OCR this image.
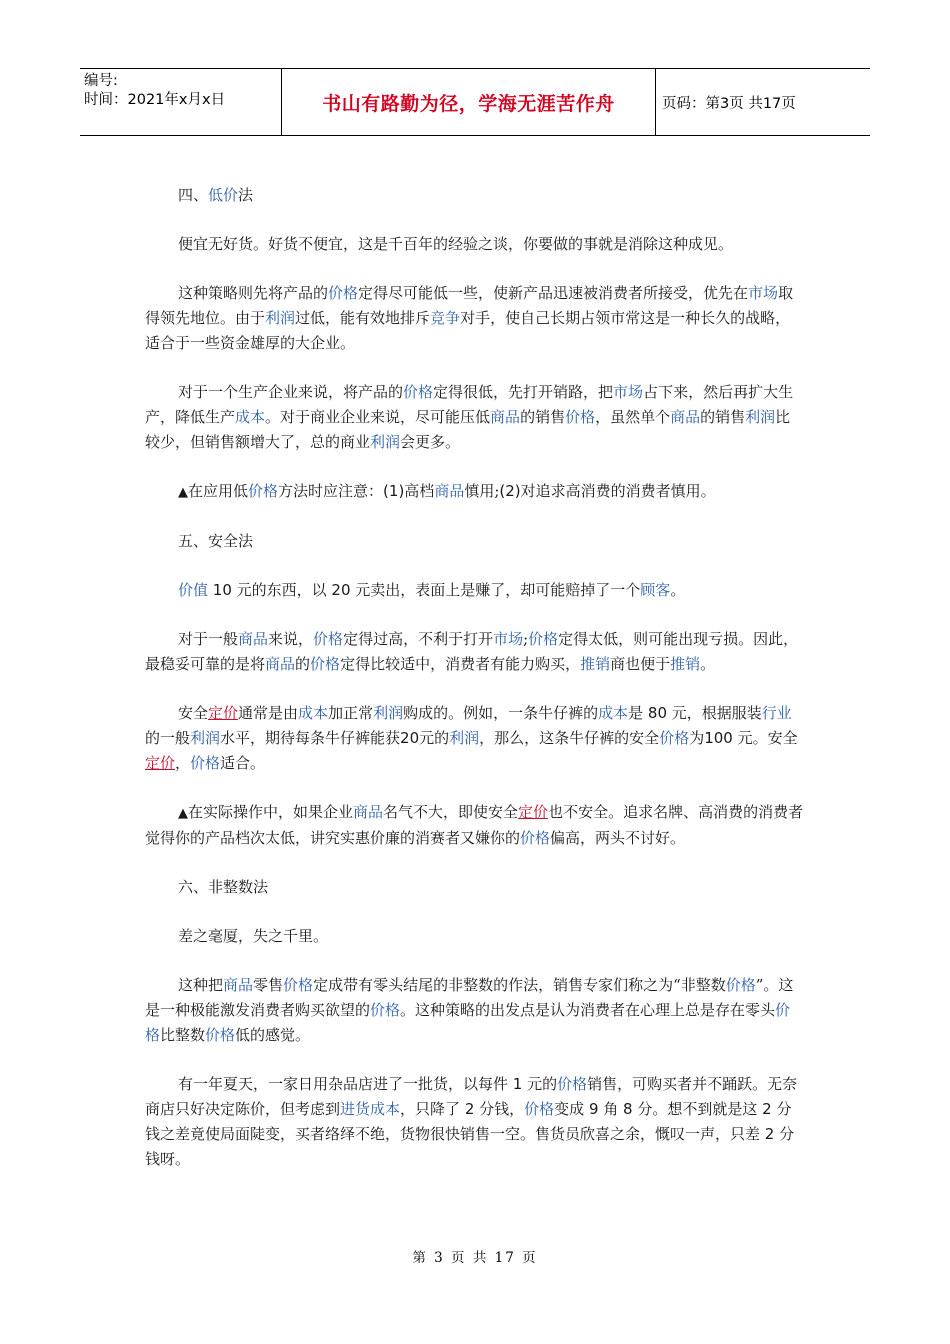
编号:
时间：2021年x月x日	书山有路勤为径，学海无涯苦作舟	页码：第3页 共17页

四、低价法

便宜无好货。好货不便宜，这是千百年的经验之谈，你要做的事就是消除这种成见。

这种策略则先将产品的价格定得尽可能低一些，使新产品迅速被消费者所接受，优先在市场取得领先地位。由于利润过低，能有效地排斥竞争对手，使自己长期占领市常这是一种长久的战略，适合于一些资金雄厚的大企业。

对于一个生产企业来说，将产品的价格定得很低，先打开销路，把市场占下来，然后再扩大生产，降低生产成本。对于商业企业来说，尽可能压低商品的销售价格，虽然单个商品的销售利润比较少，但销售额增大了，总的商业利润会更多。

▲在应用低价格方法时应注意：(1)高档商品慎用;(2)对追求高消费的消费者慎用。

五、安全法

价值 10 元的东西，以 20 元卖出，表面上是赚了，却可能赔掉了一个顾客。

对于一般商品来说，价格定得过高，不利于打开市场;价格定得太低，则可能出现亏损。因此，最稳妥可靠的是将商品的价格定得比较适中，消费者有能力购买，推销商也便于推销。

安全定价通常是由成本加正常利润购成的。例如，一条牛仔裤的成本是 80 元，根据服装行业的一般利润水平，期待每条牛仔裤能获20元的利润，那么，这条牛仔裤的安全价格为100 元。安全定价，价格适合。

▲在实际操作中，如果企业商品名气不大，即使安全定价也不安全。追求名牌、高消费的消费者觉得你的产品档次太低，讲究实惠价廉的消赛者又嫌你的价格偏高，两头不讨好。

六、非整数法

差之毫厦，失之千里。

这种把商品零售价格定成带有零头结尾的非整数的作法，销售专家们称之为“非整数价格”。这是一种极能激发消费者购买欲望的价格。这种策略的出发点是认为消费者在心理上总是存在零头价格比整数价格低的感觉。

有一年夏天，一家日用杂品店进了一批货，以每件 1 元的价格销售，可购买者并不踊跃。无奈商店只好决定陈价，但考虑到进货成本，只降了 2 分钱，价格变成 9 角 8 分。想不到就是这 2 分钱之差竟使局面陡变，买者络绎不绝，货物很快销售一空。售货员欣喜之余，慨叹一声，只差 2 分钱呀。

第 3 页 共 17 页
